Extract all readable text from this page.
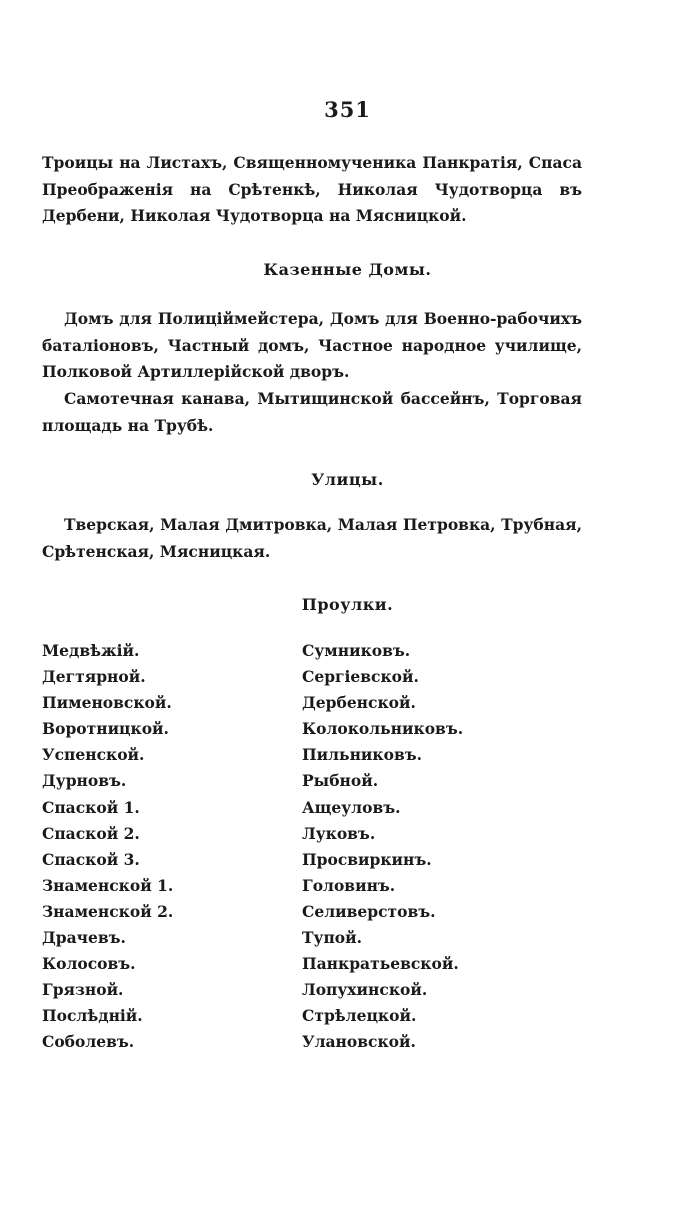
351

Троицы на Листахъ, Священномученика Панкратія, Спаса Преображенія на Срѣтенкѣ, Николая Чудотворца въ Дербени, Николая Чудотворца на Мясницкой.

Казенные Домы.

Домъ для Полиціймейстера, Домъ для Военно-рабочихъ баталіоновъ, Частный домъ, Частное народное училище, Полковой Артиллерійской дворъ.

Самотечная канава, Мытищинской бассейнъ, Торговая площадь на Трубѣ.

Улицы.

Тверская, Малая Дмитровка, Малая Петровка, Трубная, Срѣтенская, Мясницкая.

Проулки.
Медвѣжій.
Дегтярной.
Пименовской.
Воротницкой.
Успенской.
Дурновъ.
Спаской 1.
Спаской 2.
Спаской 3.
Знаменской 1.
Знаменской 2.
Драчевъ.
Колосовъ.
Грязной.
Послѣдній.
Соболевъ.
Сумниковъ.
Сергіевской.
Дербенской.
Колокольниковъ.
Пильниковъ.
Рыбной.
Ащеуловъ.
Луковъ.
Просвиркинъ.
Головинъ.
Селиверстовъ.
Тупой.
Панкратьевской.
Лопухинской.
Стрѣлецкой.
Улановской.
